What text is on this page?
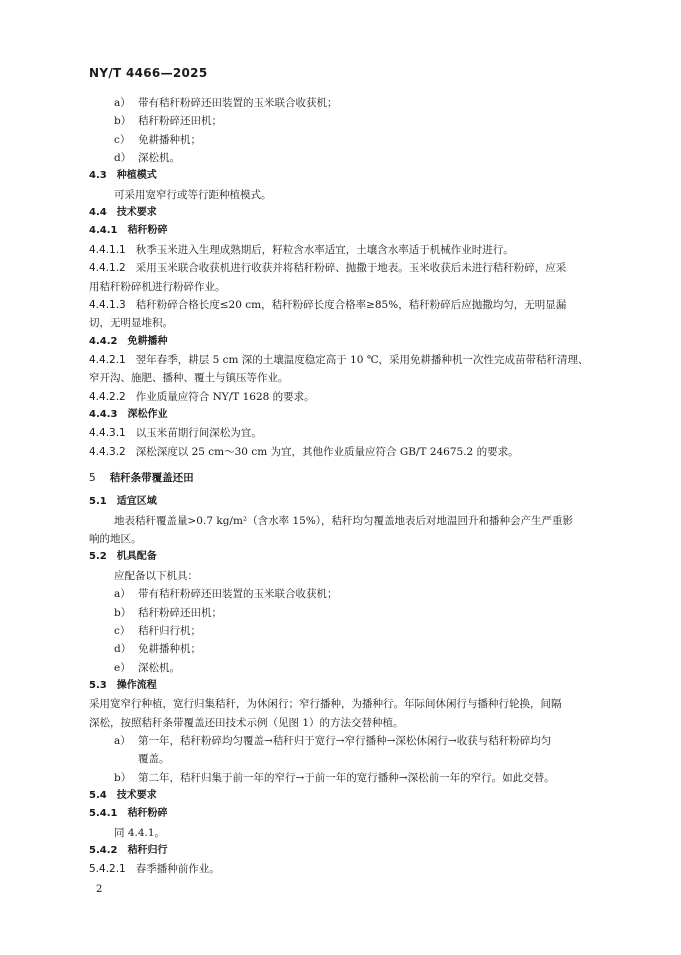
NY/T 4466—2025
a） 带有秸秆粉碎还田装置的玉米联合收获机；
b） 秸秆粉碎还田机；
c） 免耕播种机；
d） 深松机。
4.3 种植模式
可采用宽窄行或等行距种植模式。
4.4 技术要求
4.4.1 秸秆粉碎
4.4.1.1 秋季玉米进入生理成熟期后，籽粒含水率适宜，土壤含水率适于机械作业时进行。
4.4.1.2 采用玉米联合收获机进行收获并将秸秆粉碎、抛撒于地表。玉米收获后未进行秸秆粉碎，应采
用秸秆粉碎机进行粉碎作业。
4.4.1.3 秸秆粉碎合格长度≤20 cm，秸秆粉碎长度合格率≥85%，秸秆粉碎后应抛撒均匀，无明显漏
切，无明显堆积。
4.4.2 免耕播种
4.4.2.1 翌年春季，耕层 5 cm 深的土壤温度稳定高于 10 ℃，采用免耕播种机一次性完成苗带秸秆清理、
窄开沟、施肥、播种、覆土与镇压等作业。
4.4.2.2 作业质量应符合 NY/T 1628 的要求。
4.4.3 深松作业
4.4.3.1 以玉米苗期行间深松为宜。
4.4.3.2 深松深度以 25 cm～30 cm 为宜，其他作业质量应符合 GB/T 24675.2 的要求。
5 秸秆条带覆盖还田
5.1 适宜区域
地表秸秆覆盖量>0.7 kg/m²（含水率 15%），秸秆均匀覆盖地表后对地温回升和播种会产生严重影
响的地区。
5.2 机具配备
应配备以下机具：
a） 带有秸秆粉碎还田装置的玉米联合收获机；
b） 秸秆粉碎还田机；
c） 秸秆归行机；
d） 免耕播种机；
e） 深松机。
5.3 操作流程
采用宽窄行种植，宽行归集秸秆，为休闲行；窄行播种，为播种行。年际间休闲行与播种行轮换，间隔
深松，按照秸秆条带覆盖还田技术示例（见图 1）的方法交替种植。
a） 第一年，秸秆粉碎均匀覆盖→秸秆归于宽行→窄行播种→深松休闲行→收获与秸秆粉碎均匀
覆盖。
b） 第二年，秸秆归集于前一年的窄行→于前一年的宽行播种→深松前一年的窄行。如此交替。
5.4 技术要求
5.4.1 秸秆粉碎
同 4.4.1。
5.4.2 秸秆归行
5.4.2.1 春季播种前作业。
2
